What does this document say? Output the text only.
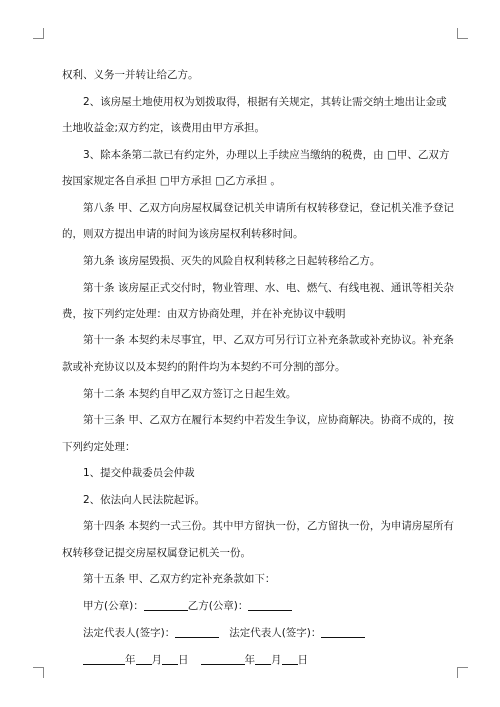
权利、义务一并转让给乙方。
2、该房屋土地使用权为划拨取得，根据有关规定，其转让需交纳土地出让金或
土地收益金;双方约定，该费用由甲方承担。
3、除本条第二款已有约定外，办理以上手续应当缴纳的税费，由 □甲、乙双方
按国家规定各自承担 □甲方承担 □乙方承担 。
第八条 甲、乙双方向房屋权属登记机关申请所有权转移登记，登记机关准予登记
的，则双方提出申请的时间为该房屋权利转移时间。
第九条 该房屋毁损、灭失的风险自权利转移之日起转移给乙方。
第十条 该房屋正式交付时，物业管理、水、电、燃气、有线电视、通讯等相关杂
费，按下列约定处理：由双方协商处理，并在补充协议中载明
第十一条 本契约未尽事宜，甲、乙双方可另行订立补充条款或补充协议。补充条
款或补充协议以及本契约的附件均为本契约不可分割的部分。
第十二条 本契约自甲乙双方签订之日起生效。
第十三条 甲、乙双方在履行本契约中若发生争议，应协商解决。协商不成的，按
下列约定处理：
1、提交仲裁委员会仲裁
2、依法向人民法院起诉。
第十四条 本契约一式三份。其中甲方留执一份，乙方留执一份，为申请房屋所有
权转移登记提交房屋权属登记机关一份。
第十五条 甲、乙双方约定补充条款如下：
甲方(公章)：	乙方(公章)：
法定代表人(签字)：	法定代表人(签字)：
年 月 日	年 月 日
